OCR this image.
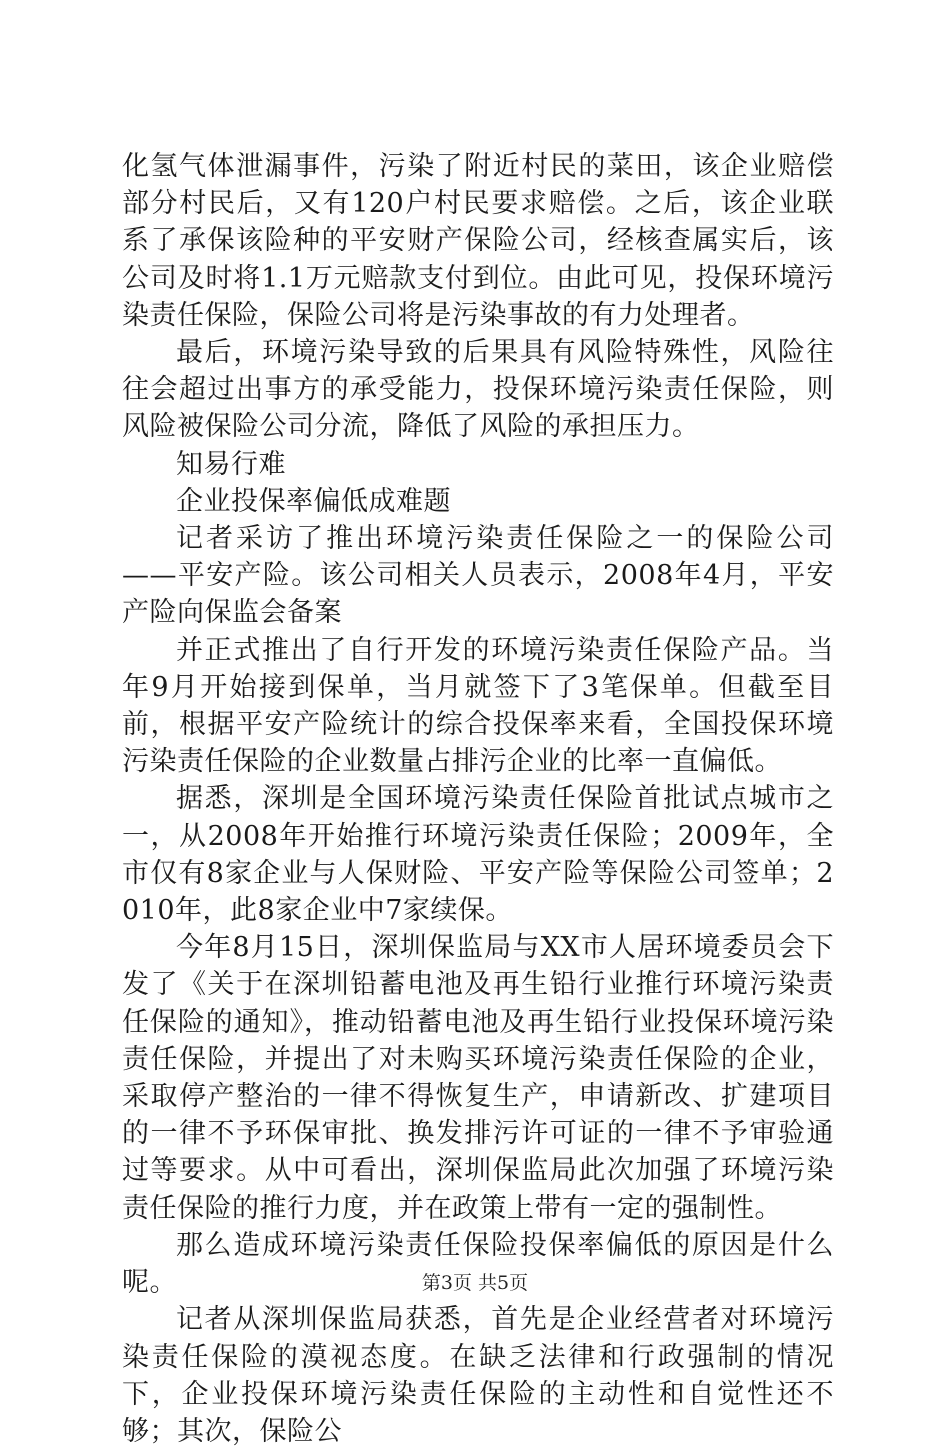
化氢气体泄漏事件，污染了附近村民的菜田，该企业赔偿部分村民后，又有120户村民要求赔偿。之后，该企业联系了承保该险种的平安财产保险公司，经核查属实后，该公司及时将1.1万元赔款支付到位。由此可见，投保环境污染责任保险，保险公司将是污染事故的有力处理者。

最后，环境污染导致的后果具有风险特殊性，风险往往会超过出事方的承受能力，投保环境污染责任保险，则风险被保险公司分流，降低了风险的承担压力。

知易行难

企业投保率偏低成难题

记者采访了推出环境污染责任保险之一的保险公司——平安产险。该公司相关人员表示，2008年4月，平安产险向保监会备案

并正式推出了自行开发的环境污染责任保险产品。当年9月开始接到保单，当月就签下了3笔保单。但截至目前，根据平安产险统计的综合投保率来看，全国投保环境污染责任保险的企业数量占排污企业的比率一直偏低。

据悉，深圳是全国环境污染责任保险首批试点城市之一，从2008年开始推行环境污染责任保险；2009年，全市仅有8家企业与人保财险、平安产险等保险公司签单；2010年，此8家企业中7家续保。

今年8月15日，深圳保监局与XX市人居环境委员会下发了《关于在深圳铅蓄电池及再生铅行业推行环境污染责任保险的通知》，推动铅蓄电池及再生铅行业投保环境污染责任保险，并提出了对未购买环境污染责任保险的企业，采取停产整治的一律不得恢复生产，申请新改、扩建项目的一律不予环保审批、换发排污许可证的一律不予审验通过等要求。从中可看出，深圳保监局此次加强了环境污染责任保险的推行力度，并在政策上带有一定的强制性。

那么造成环境污染责任保险投保率偏低的原因是什么呢。

记者从深圳保监局获悉，首先是企业经营者对环境污染责任保险的漠视态度。在缺乏法律和行政强制的情况下，企业投保环境污染责任保险的主动性和自觉性还不够；其次，保险公

第3页 共5页
